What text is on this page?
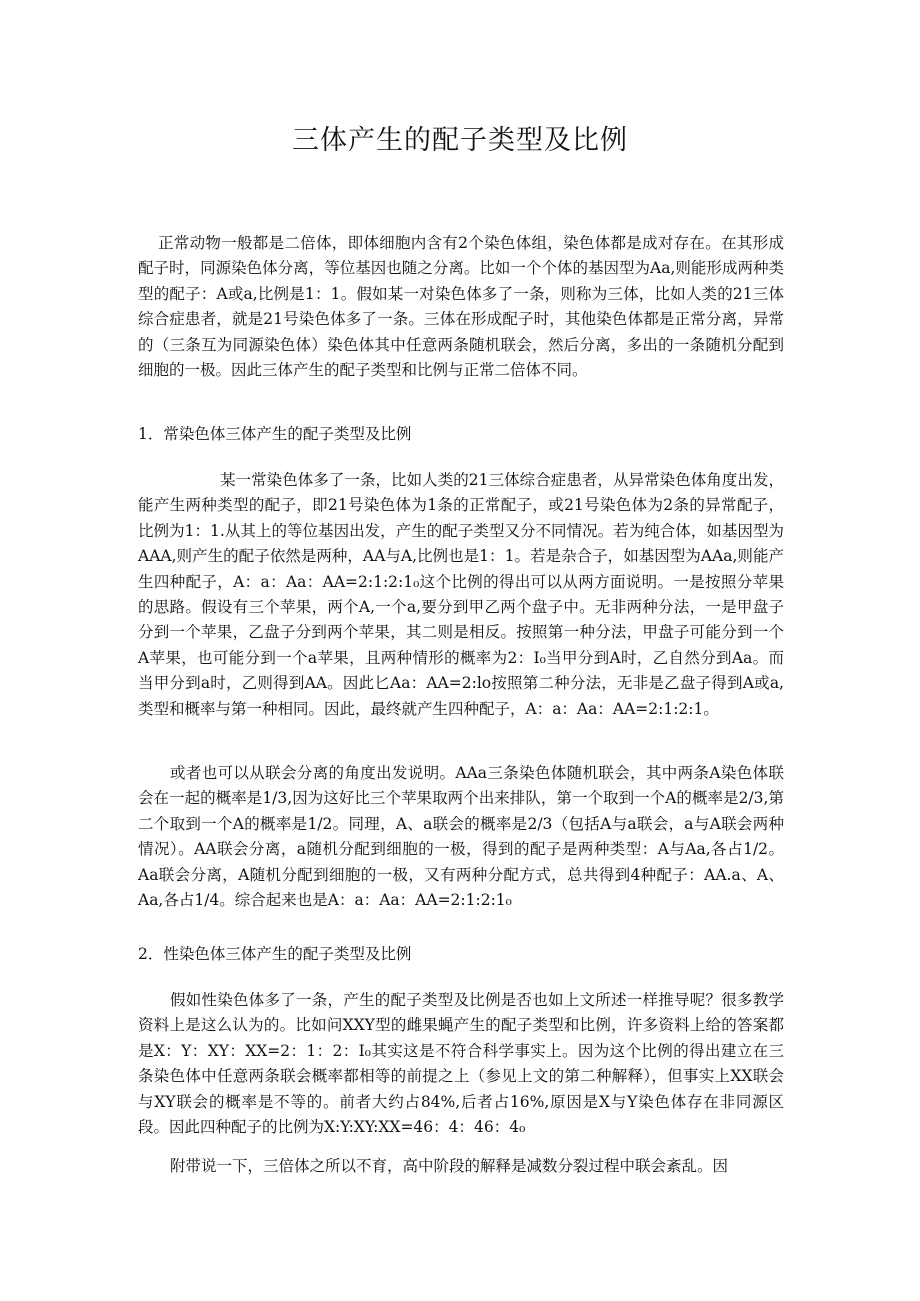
三体产生的配子类型及比例

正常动物一般都是二倍体，即体细胞内含有2个染色体组，染色体都是成对存在。在其形成配子时，同源染色体分离，等位基因也随之分离。比如一个个体的基因型为Aa,则能形成两种类型的配子：A或a,比例是1：1。假如某一对染色体多了一条，则称为三体，比如人类的21三体综合症患者，就是21号染色体多了一条。三体在形成配子时，其他染色体都是正常分离，异常的（三条互为同源染色体）染色体其中任意两条随机联会，然后分离，多出的一条随机分配到细胞的一极。因此三体产生的配子类型和比例与正常二倍体不同。

1．常染色体三体产生的配子类型及比例

某一常染色体多了一条，比如人类的21三体综合症患者，从异常染色体角度出发，能产生两种类型的配子，即21号染色体为1条的正常配子，或21号染色体为2条的异常配子，比例为1：1.从其上的等位基因出发，产生的配子类型又分不同情况。若为纯合体，如基因型为AAA,则产生的配子依然是两种，AA与A,比例也是1：1。若是杂合子，如基因型为AAa,则能产生四种配子，A：a：Aa：AA=2:1:2:1₀这个比例的得出可以从两方面说明。一是按照分苹果的思路。假设有三个苹果，两个A,一个a,要分到甲乙两个盘子中。无非两种分法，一是甲盘子分到一个苹果，乙盘子分到两个苹果，其二则是相反。按照第一种分法，甲盘子可能分到一个A苹果，也可能分到一个a苹果，且两种情形的概率为2：I₀当甲分到A时，乙自然分到Aa。而当甲分到a时，乙则得到AA。因此匕Aa：AA=2:lo按照第二种分法，无非是乙盘子得到A或a,类型和概率与第一种相同。因此，最终就产生四种配子，A：a：Aa：AA=2:1:2:1。

或者也可以从联会分离的角度出发说明。AAa三条染色体随机联会，其中两条A染色体联会在一起的概率是1/3,因为这好比三个苹果取两个出来排队，第一个取到一个A的概率是2/3,第二个取到一个A的概率是1/2。同理，A、a联会的概率是2/3（包括A与a联会，a与A联会两种情况）。AA联会分离，a随机分配到细胞的一极，得到的配子是两种类型：A与Aa,各占1/2。Aa联会分离，A随机分配到细胞的一极，又有两种分配方式，总共得到4种配子：AA.a、A、Aa,各占1/4。综合起来也是A：a：Aa：AA=2:1:2:1₀

2．性染色体三体产生的配子类型及比例

假如性染色体多了一条，产生的配子类型及比例是否也如上文所述一样推导呢？很多教学资料上是这么认为的。比如问XXY型的雌果蝇产生的配子类型和比例，许多资料上给的答案都是X：Y：XY：XX=2：1：2：I₀其实这是不符合科学事实上。因为这个比例的得出建立在三条染色体中任意两条联会概率都相等的前提之上（参见上文的第二种解释），但事实上XX联会与XY联会的概率是不等的。前者大约占84%,后者占16%,原因是X与Y染色体存在非同源区段。因此四种配子的比例为X:Y:XY:XX=46：4：46：4₀

附带说一下，三倍体之所以不育，高中阶段的解释是减数分裂过程中联会紊乱。因
